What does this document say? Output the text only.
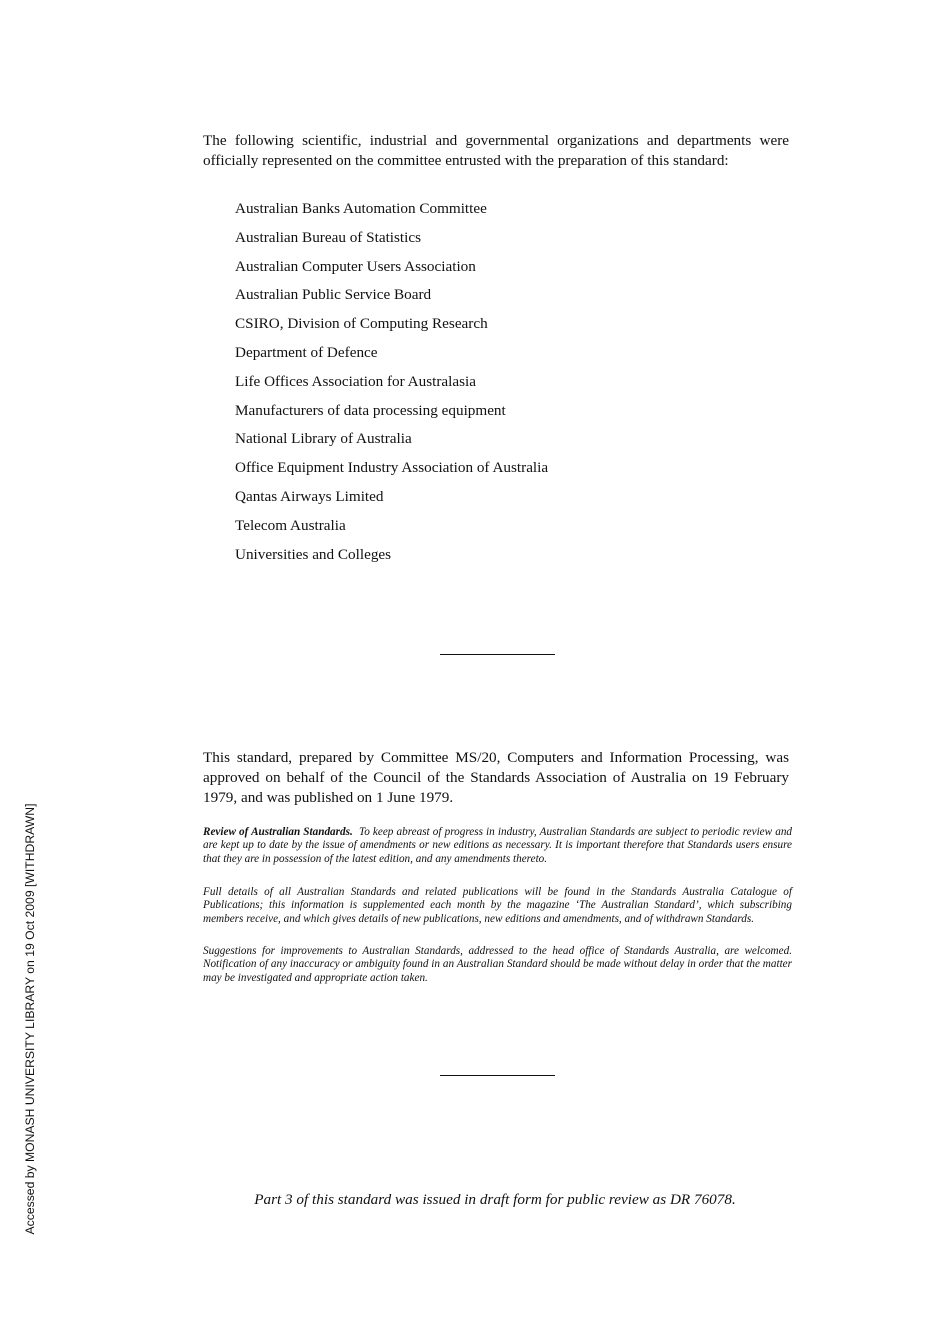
The following scientific, industrial and governmental organizations and departments were officially represented on the committee entrusted with the preparation of this standard:

Australian Banks Automation Committee
Australian Bureau of Statistics
Australian Computer Users Association
Australian Public Service Board
CSIRO, Division of Computing Research
Department of Defence
Life Offices Association for Australasia
Manufacturers of data processing equipment
National Library of Australia
Office Equipment Industry Association of Australia
Qantas Airways Limited
Telecom Australia
Universities and Colleges

This standard, prepared by Committee MS/20, Computers and Information Processing, was approved on behalf of the Council of the Standards Association of Australia on 19 February 1979, and was published on 1 June 1979.

Review of Australian Standards. To keep abreast of progress in industry, Australian Standards are subject to periodic review and are kept up to date by the issue of amendments or new editions as necessary. It is important therefore that Standards users ensure that they are in possession of the latest edition, and any amendments thereto.

Full details of all Australian Standards and related publications will be found in the Standards Australia Catalogue of Publications; this information is supplemented each month by the magazine ‘The Australian Standard’, which subscribing members receive, and which gives details of new publications, new editions and amendments, and of withdrawn Standards.

Suggestions for improvements to Australian Standards, addressed to the head office of Standards Australia, are welcomed. Notification of any inaccuracy or ambiguity found in an Australian Standard should be made without delay in order that the matter may be investigated and appropriate action taken.

Part 3 of this standard was issued in draft form for public review as DR 76078.

Accessed by MONASH UNIVERSITY LIBRARY on 19 Oct 2009 [WITHDRAWN]
